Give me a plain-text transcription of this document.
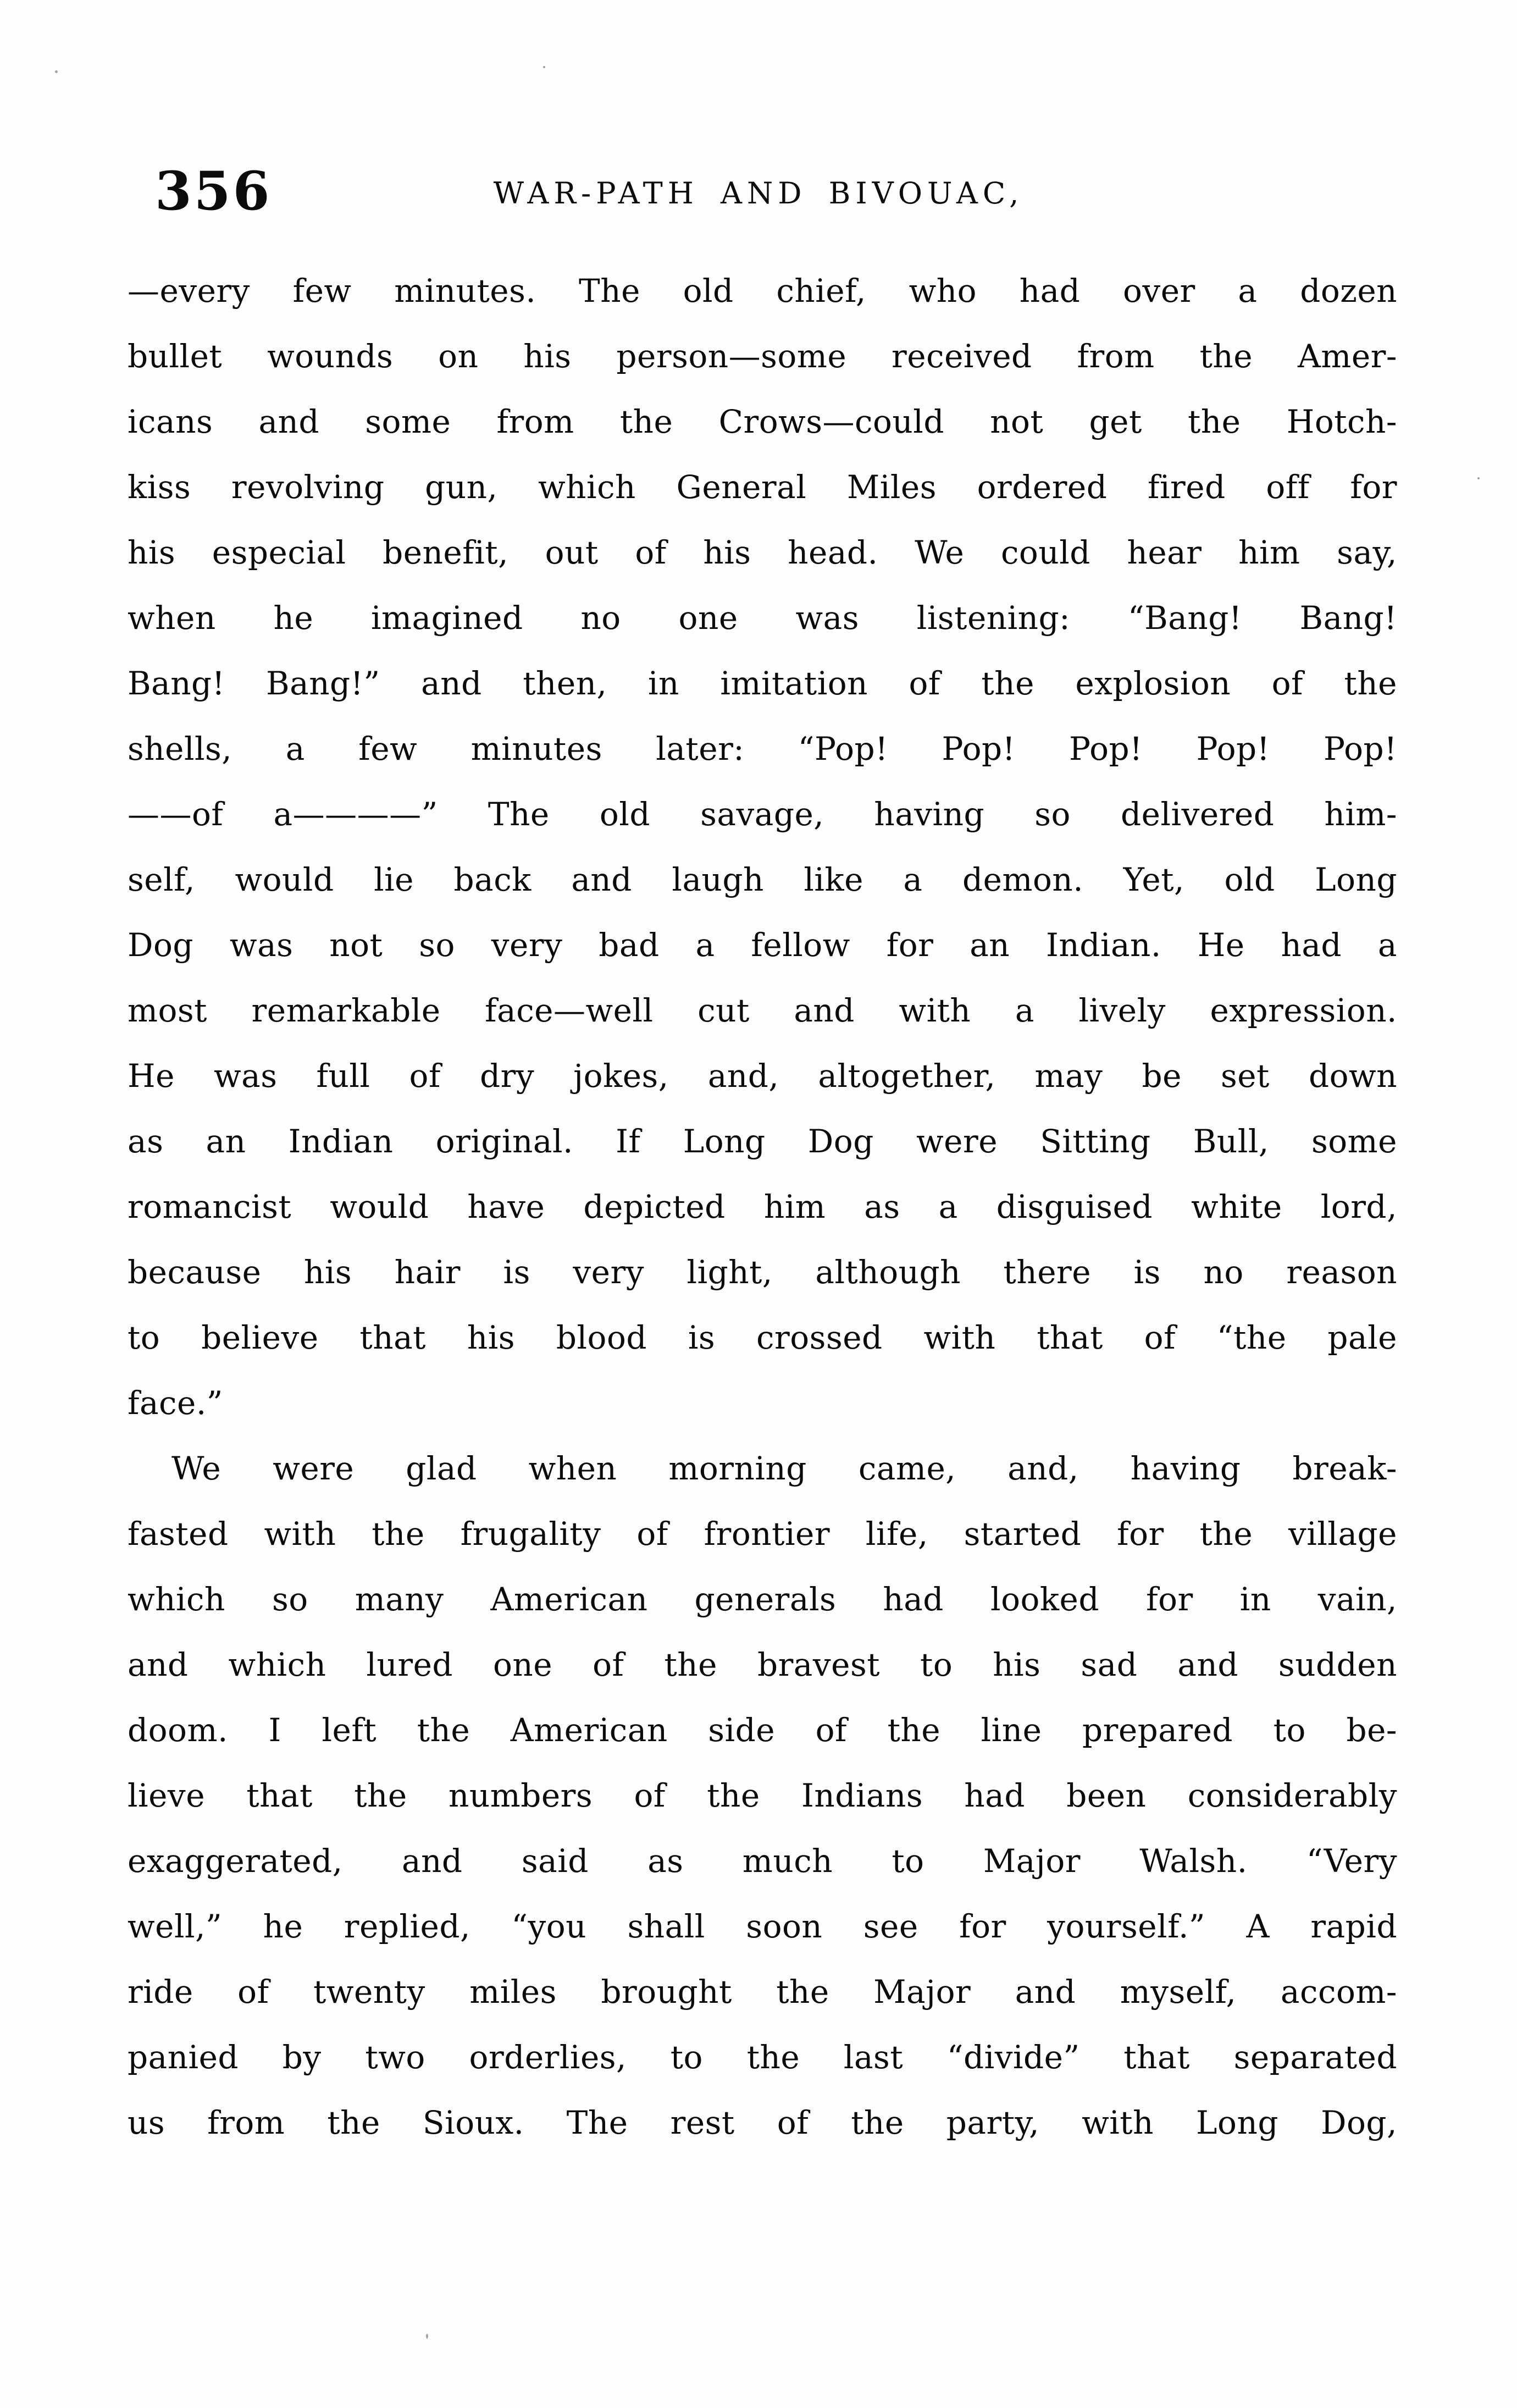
356	WAR-PATH AND BIVOUAC,
—every few minutes. The old chief, who had over a dozen
bullet wounds on his person—some received from the Amer-
icans and some from the Crows—could not get the Hotch-
kiss revolving gun, which General Miles ordered fired off for
his especial benefit, out of his head. We could hear him say,
when he imagined no one was listening: “Bang! Bang!
Bang! Bang!” and then, in imitation of the explosion of the
shells, a few minutes later: “Pop! Pop! Pop! Pop! Pop!
——of a————” The old savage, having so delivered him-
self, would lie back and laugh like a demon. Yet, old Long
Dog was not so very bad a fellow for an Indian. He had a
most remarkable face—well cut and with a lively expression.
He was full of dry jokes, and, altogether, may be set down
as an Indian original. If Long Dog were Sitting Bull, some
romancist would have depicted him as a disguised white lord,
because his hair is very light, although there is no reason
to believe that his blood is crossed with that of “the pale
face.”
We were glad when morning came, and, having break-
fasted with the frugality of frontier life, started for the village
which so many American generals had looked for in vain,
and which lured one of the bravest to his sad and sudden
doom. I left the American side of the line prepared to be-
lieve that the numbers of the Indians had been considerably
exaggerated, and said as much to Major Walsh. “Very
well,” he replied, “you shall soon see for yourself.” A rapid
ride of twenty miles brought the Major and myself, accom-
panied by two orderlies, to the last “divide” that separated
us from the Sioux. The rest of the party, with Long Dog,
